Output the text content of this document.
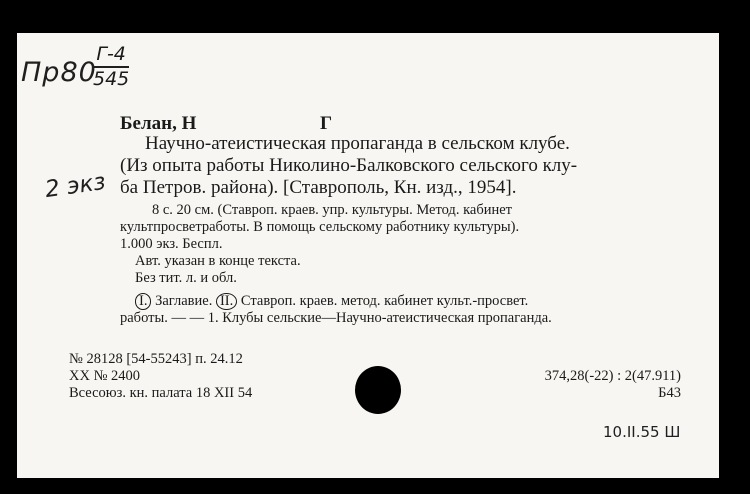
Пр80
Г-4
545
2 экз
Белан, Н	Г
Научно-атеистическая пропаганда в сельском клубе.
(Из опыта работы Николино-Балковского сельского клу-
ба Петров. района). [Ставрополь, Кн. изд., 1954].
8 с. 20 см. (Ставроп. краев. упр. культуры. Метод. кабинет
культпросветработы. В помощь сельскому работнику культуры).
1.000 экз. Беспл.
Авт. указан в конце текста.
Без тит. л. и обл.
I. Заглавие. II. Ставроп. краев. метод. кабинет культ.-просвет.
работы. — — 1. Клубы сельские—Научно-атеистическая пропаганда.
№ 28128 [54-55243] п. 24.12
XX № 2400
Всесоюз. кн. палата 18 XII 54
374,28(-22) : 2(47.911)
Б43
10.II.55 Ш
